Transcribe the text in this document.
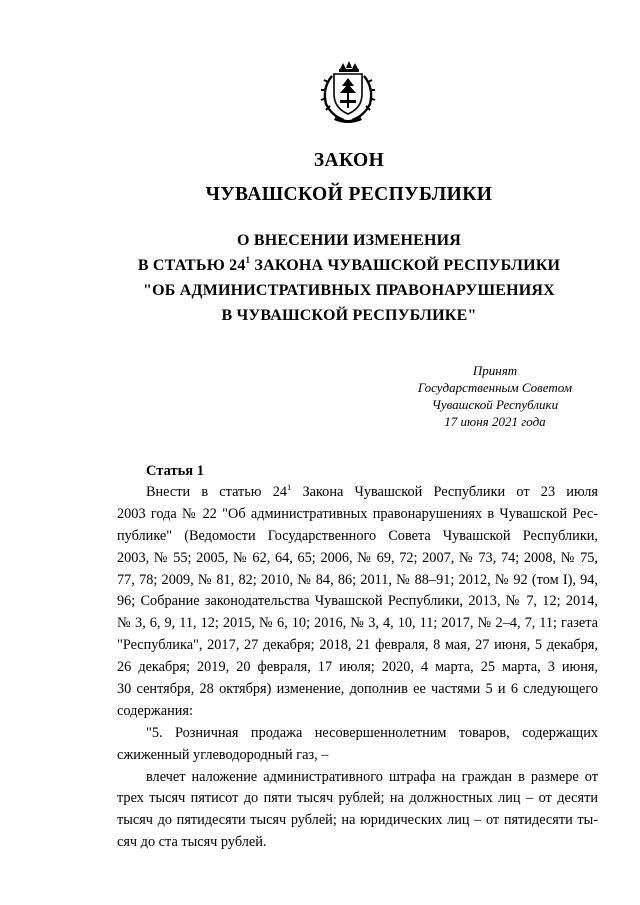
ЗАКОН
ЧУВАШСКОЙ РЕСПУБЛИКИ
О ВНЕСЕНИИ ИЗМЕНЕНИЯ
В СТАТЬЮ $24^1$ ЗАКОНА ЧУВАШСКОЙ РЕСПУБЛИКИ
"ОБ АДМИНИСТРАТИВНЫХ ПРАВОНАРУШЕНИЯХ
В ЧУВАШСКОЙ РЕСПУБЛИКЕ"
Принят
Государственным Советом
Чувашской Республики
17 июня 2021 года
Статья 1
Внести в статью $24^1$ Закона Чувашской Республики от 23 июля
2003 года № 22 "Об административных правонарушениях в Чувашской Рес-
публике" (Ведомости Государственного Совета Чувашской Республики,
2003, № 55; 2005, № 62, 64, 65; 2006, № 69, 72; 2007, № 73, 74; 2008, № 75,
77, 78; 2009, № 81, 82; 2010, № 84, 86; 2011, № 88–91; 2012, № 92 (том I), 94,
96; Собрание законодательства Чувашской Республики, 2013, № 7, 12; 2014,
№ 3, 6, 9, 11, 12; 2015, № 6, 10; 2016, № 3, 4, 10, 11; 2017, № 2–4, 7, 11; газета
"Республика", 2017, 27 декабря; 2018, 21 февраля, 8 мая, 27 июня, 5 декабря,
26 декабря; 2019, 20 февраля, 17 июля; 2020, 4 марта, 25 марта, 3 июня,
30 сентября, 28 октября) изменение, дополнив ее частями 5 и 6 следующего
содержания:
"5. Розничная продажа несовершеннолетним товаров, содержащих
сжиженный углеводородный газ, –
влечет наложение административного штрафа на граждан в размере от
трех тысяч пятисот до пяти тысяч рублей; на должностных лиц – от десяти
тысяч до пятидесяти тысяч рублей; на юридических лиц – от пятидесяти ты-
сяч до ста тысяч рублей.
